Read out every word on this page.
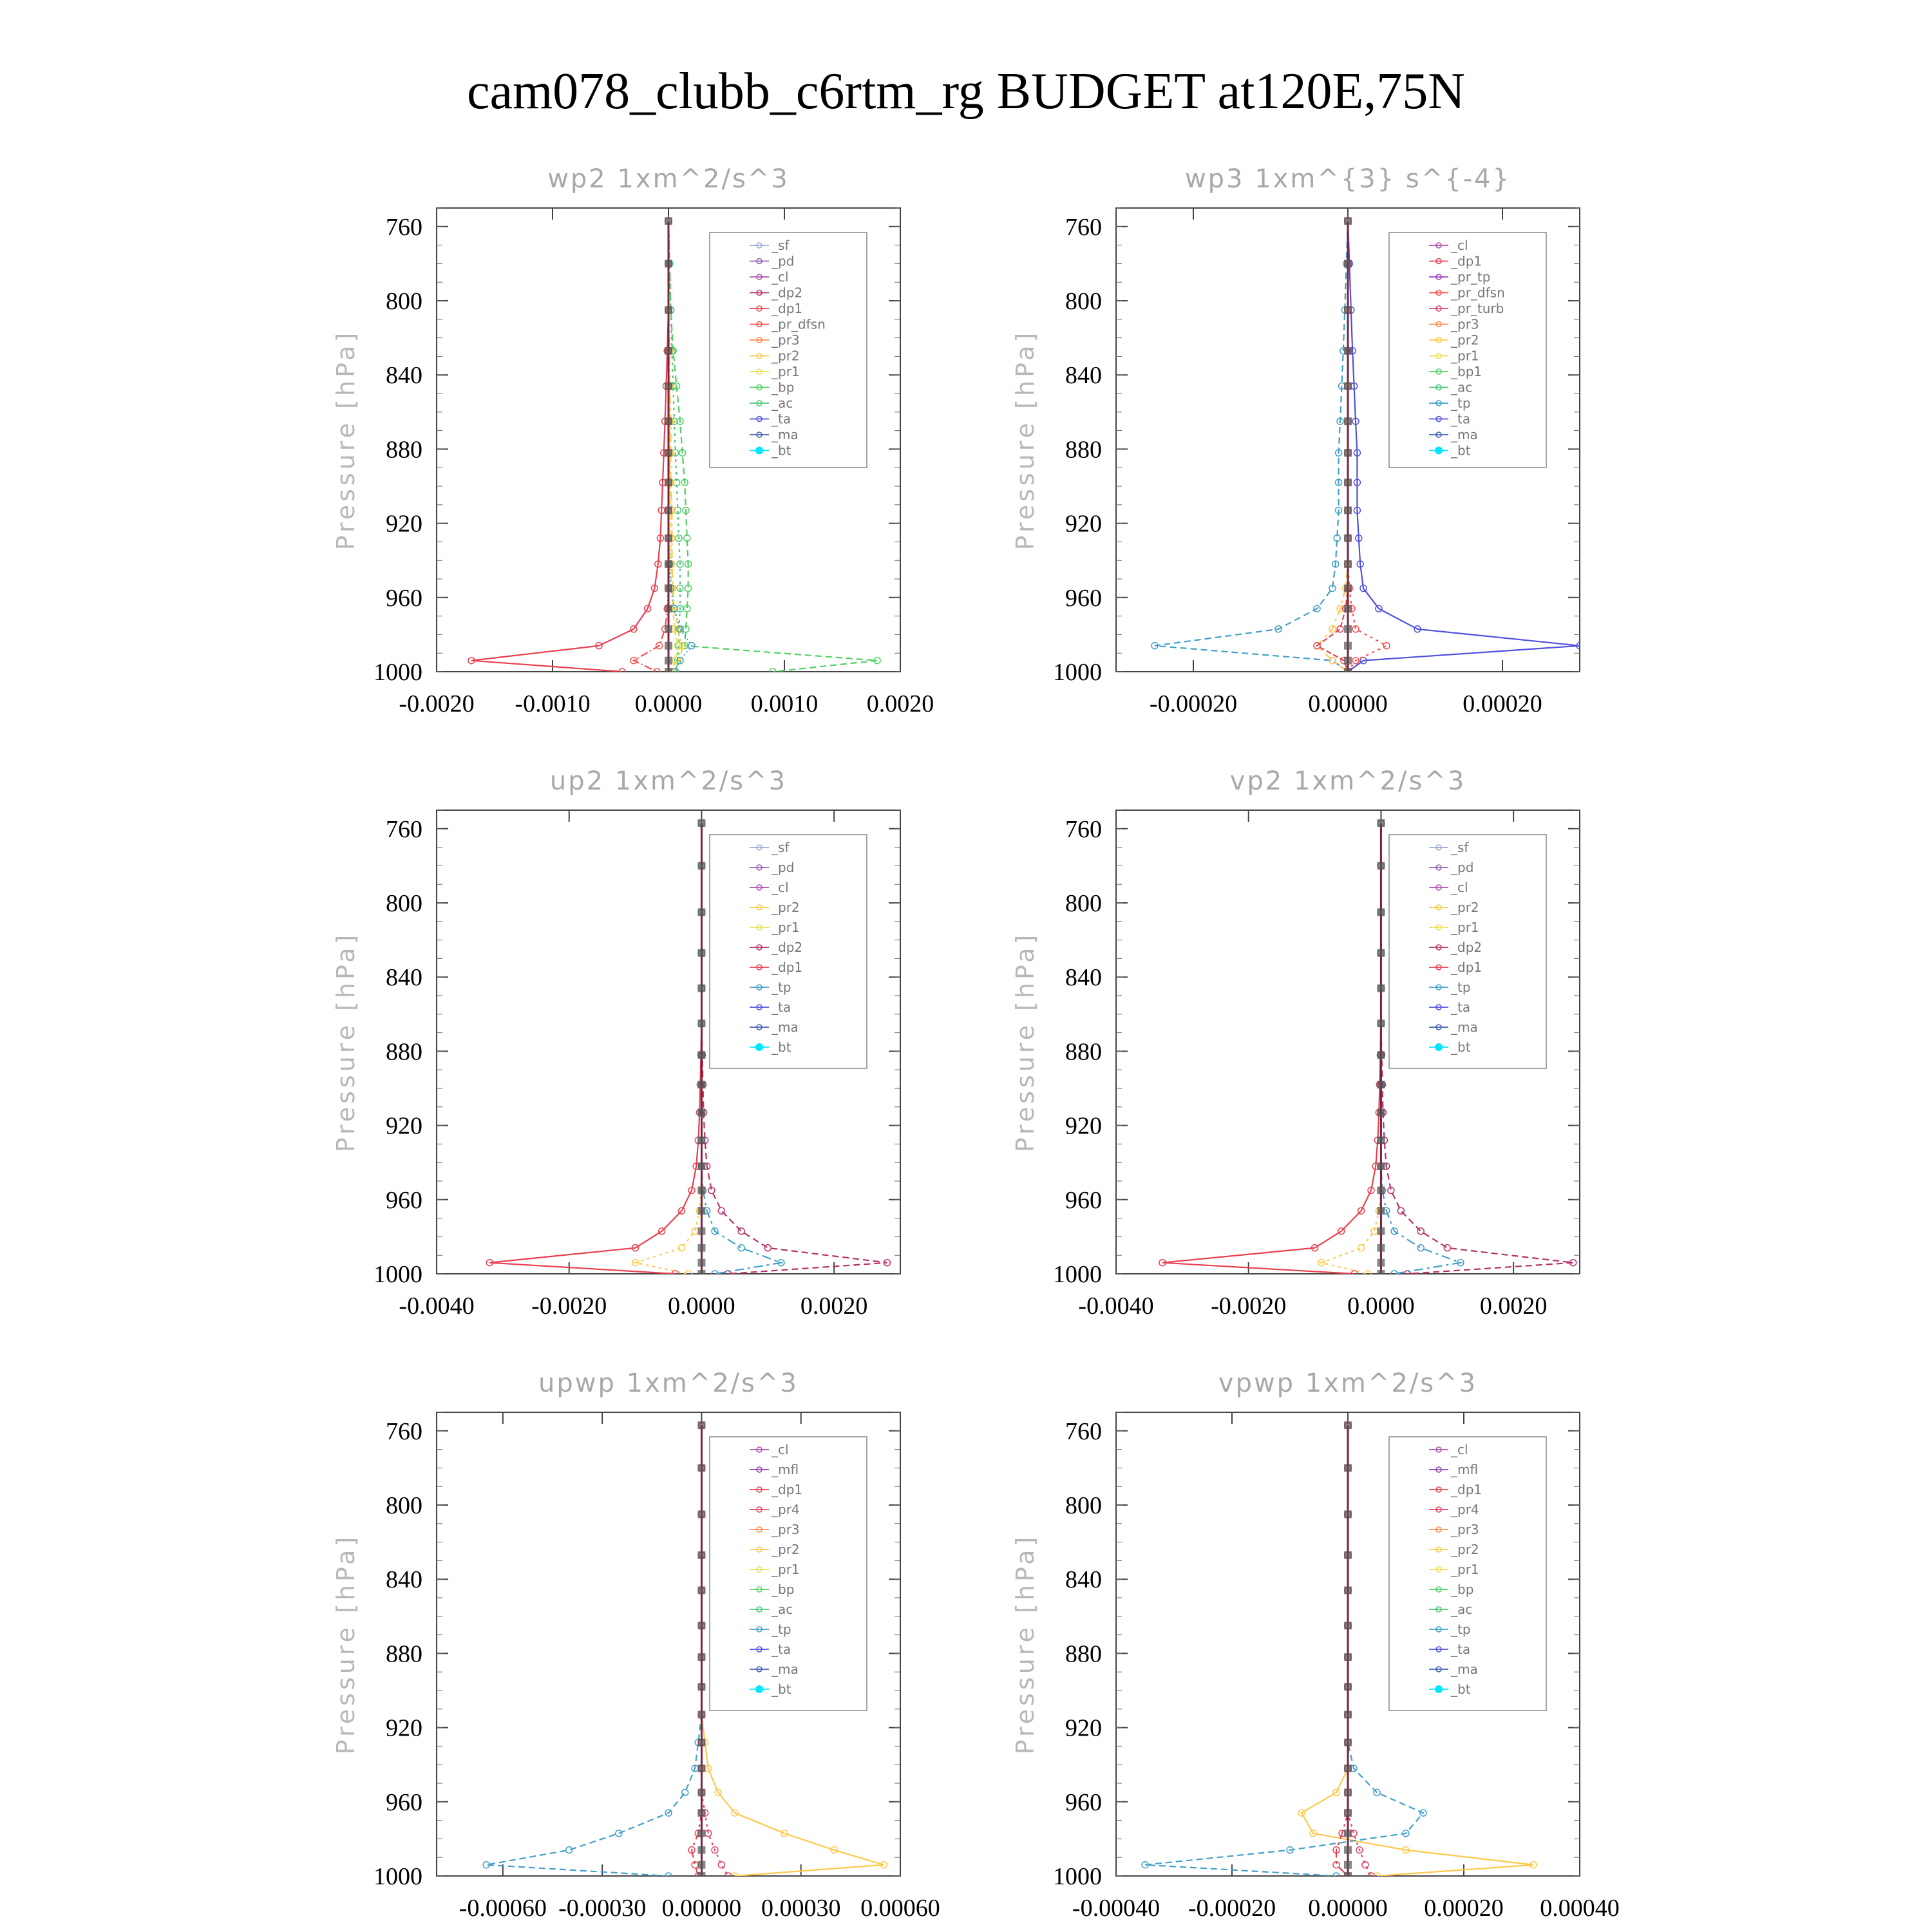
cam078_clubb_c6rtm_rg BUDGET at120E,75N
wp2 1xm^2/s^3
Pressure [hPa]
760
800
840
880
920
960
1000
-0.0020 -0.0010 0.0000 0.0010 0.0020
_sf
_pd
_cl
_dp2
_dp1
_pr_dfsn
_pr3
_pr2
_pr1
_bp
_ac
_ta
_ma
_bt
wp3 1xm^{3} s^{-4}
Pressure [hPa]
760
800
840
880
920
960
1000
-0.00020	0.00000	0.00020
_cl
_dp1
_pr_tp
_pr_dfsn
_pr_turb
_pr3
_pr2
_pr1
_bp1
_ac
_tp
_ta
_ma
_bt
up2 1xm^2/s^3
Pressure [hPa]
760
800
840
880
920
960
1000
-0.0040 -0.0020 0.0000	0.0020
_sf
_pd
_cl
_pr2
_pr1
_dp2
_dp1
_tp
_ta
_ma
_bt
vp2 1xm^2/s^3
Pressure [hPa]
760
800
840
880
920
960
1000
-0.0040 -0.0020 0.0000	0.0020
_sf
_pd
_cl
_pr2
_pr1
_dp2
_dp1
_tp
_ta
_ma
_bt
upwp 1xm^2/s^3
Pressure [hPa]
760
800
840
880
920
960
1000
-0.00060 -0.00030 0.00000 0.00030 0.00060
_cl
_mfl
_dp1
_pr4
_pr3
_pr2
_pr1
_bp
_ac
_tp
_ta
_ma
_bt
vpwp 1xm^2/s^3
Pressure [hPa]
760
800
840
880
920
960
1000
-0.00040 -0.00020 0.00000 0.00020 0.00040
_cl
_mfl
_dp1
_pr4
_pr3
_pr2
_pr1
_bp
_ac
_tp
_ta
_ma
_bt
